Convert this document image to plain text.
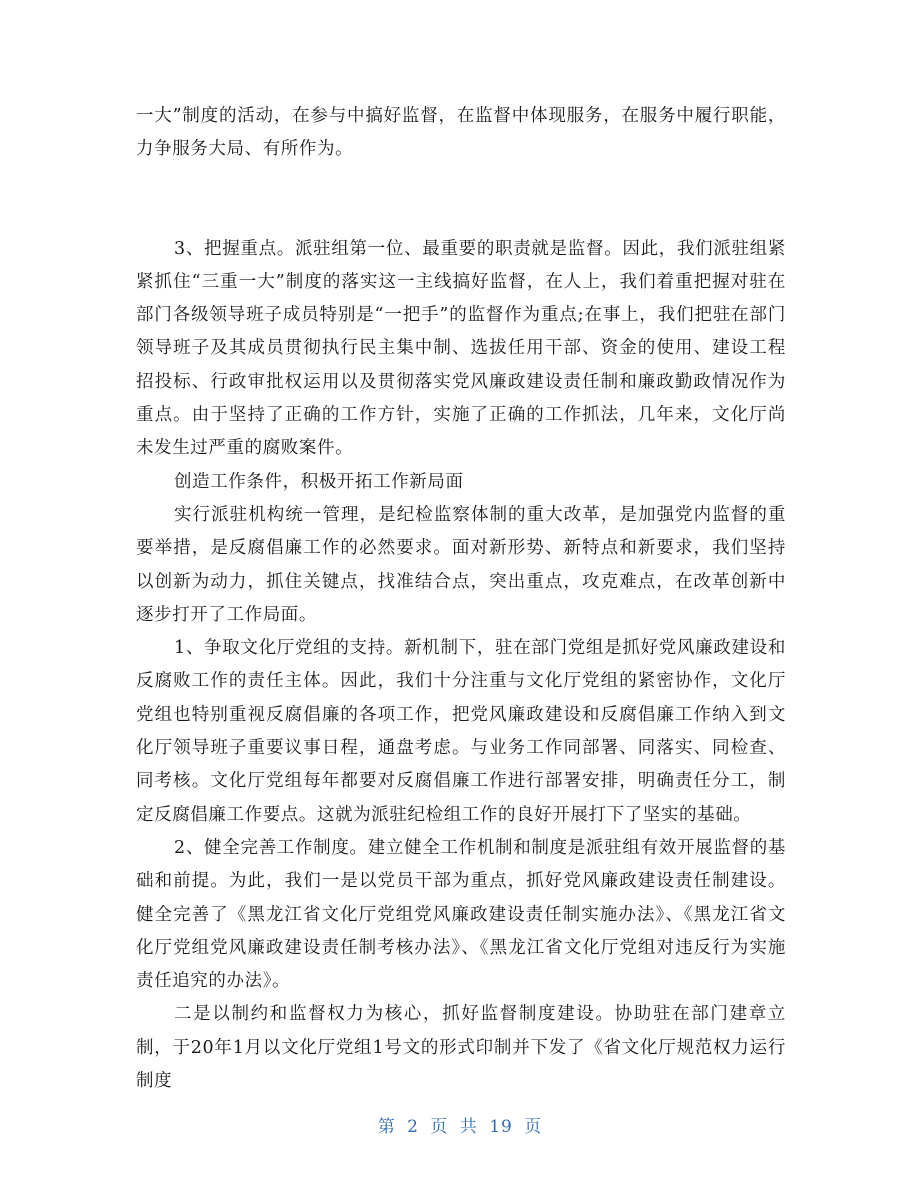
一大”制度的活动，在参与中搞好监督，在监督中体现服务，在服务中履行职能，力争服务大局、有所作为。

3、把握重点。派驻组第一位、最重要的职责就是监督。因此，我们派驻组紧紧抓住“三重一大”制度的落实这一主线搞好监督，在人上，我们着重把握对驻在部门各级领导班子成员特别是“一把手”的监督作为重点;在事上，我们把驻在部门领导班子及其成员贯彻执行民主集中制、选拔任用干部、资金的使用、建设工程招投标、行政审批权运用以及贯彻落实党风廉政建设责任制和廉政勤政情况作为重点。由于坚持了正确的工作方针，实施了正确的工作抓法，几年来，文化厅尚未发生过严重的腐败案件。

创造工作条件，积极开拓工作新局面

实行派驻机构统一管理，是纪检监察体制的重大改革，是加强党内监督的重要举措，是反腐倡廉工作的必然要求。面对新形势、新特点和新要求，我们坚持以创新为动力，抓住关键点，找准结合点，突出重点，攻克难点，在改革创新中逐步打开了工作局面。

1、争取文化厅党组的支持。新机制下，驻在部门党组是抓好党风廉政建设和反腐败工作的责任主体。因此，我们十分注重与文化厅党组的紧密协作，文化厅党组也特别重视反腐倡廉的各项工作，把党风廉政建设和反腐倡廉工作纳入到文化厅领导班子重要议事日程，通盘考虑。与业务工作同部署、同落实、同检查、同考核。文化厅党组每年都要对反腐倡廉工作进行部署安排，明确责任分工，制定反腐倡廉工作要点。这就为派驻纪检组工作的良好开展打下了坚实的基础。

2、健全完善工作制度。建立健全工作机制和制度是派驻组有效开展监督的基础和前提。为此，我们一是以党员干部为重点，抓好党风廉政建设责任制建设。健全完善了《黑龙江省文化厅党组党风廉政建设责任制实施办法》、《黑龙江省文化厅党组党风廉政建设责任制考核办法》、《黑龙江省文化厅党组对违反行为实施责任追究的办法》。

二是以制约和监督权力为核心，抓好监督制度建设。协助驻在部门建章立制，于20年1月以文化厅党组1号文的形式印制并下发了《省文化厅规范权力运行制度

第 2 页 共 19 页
